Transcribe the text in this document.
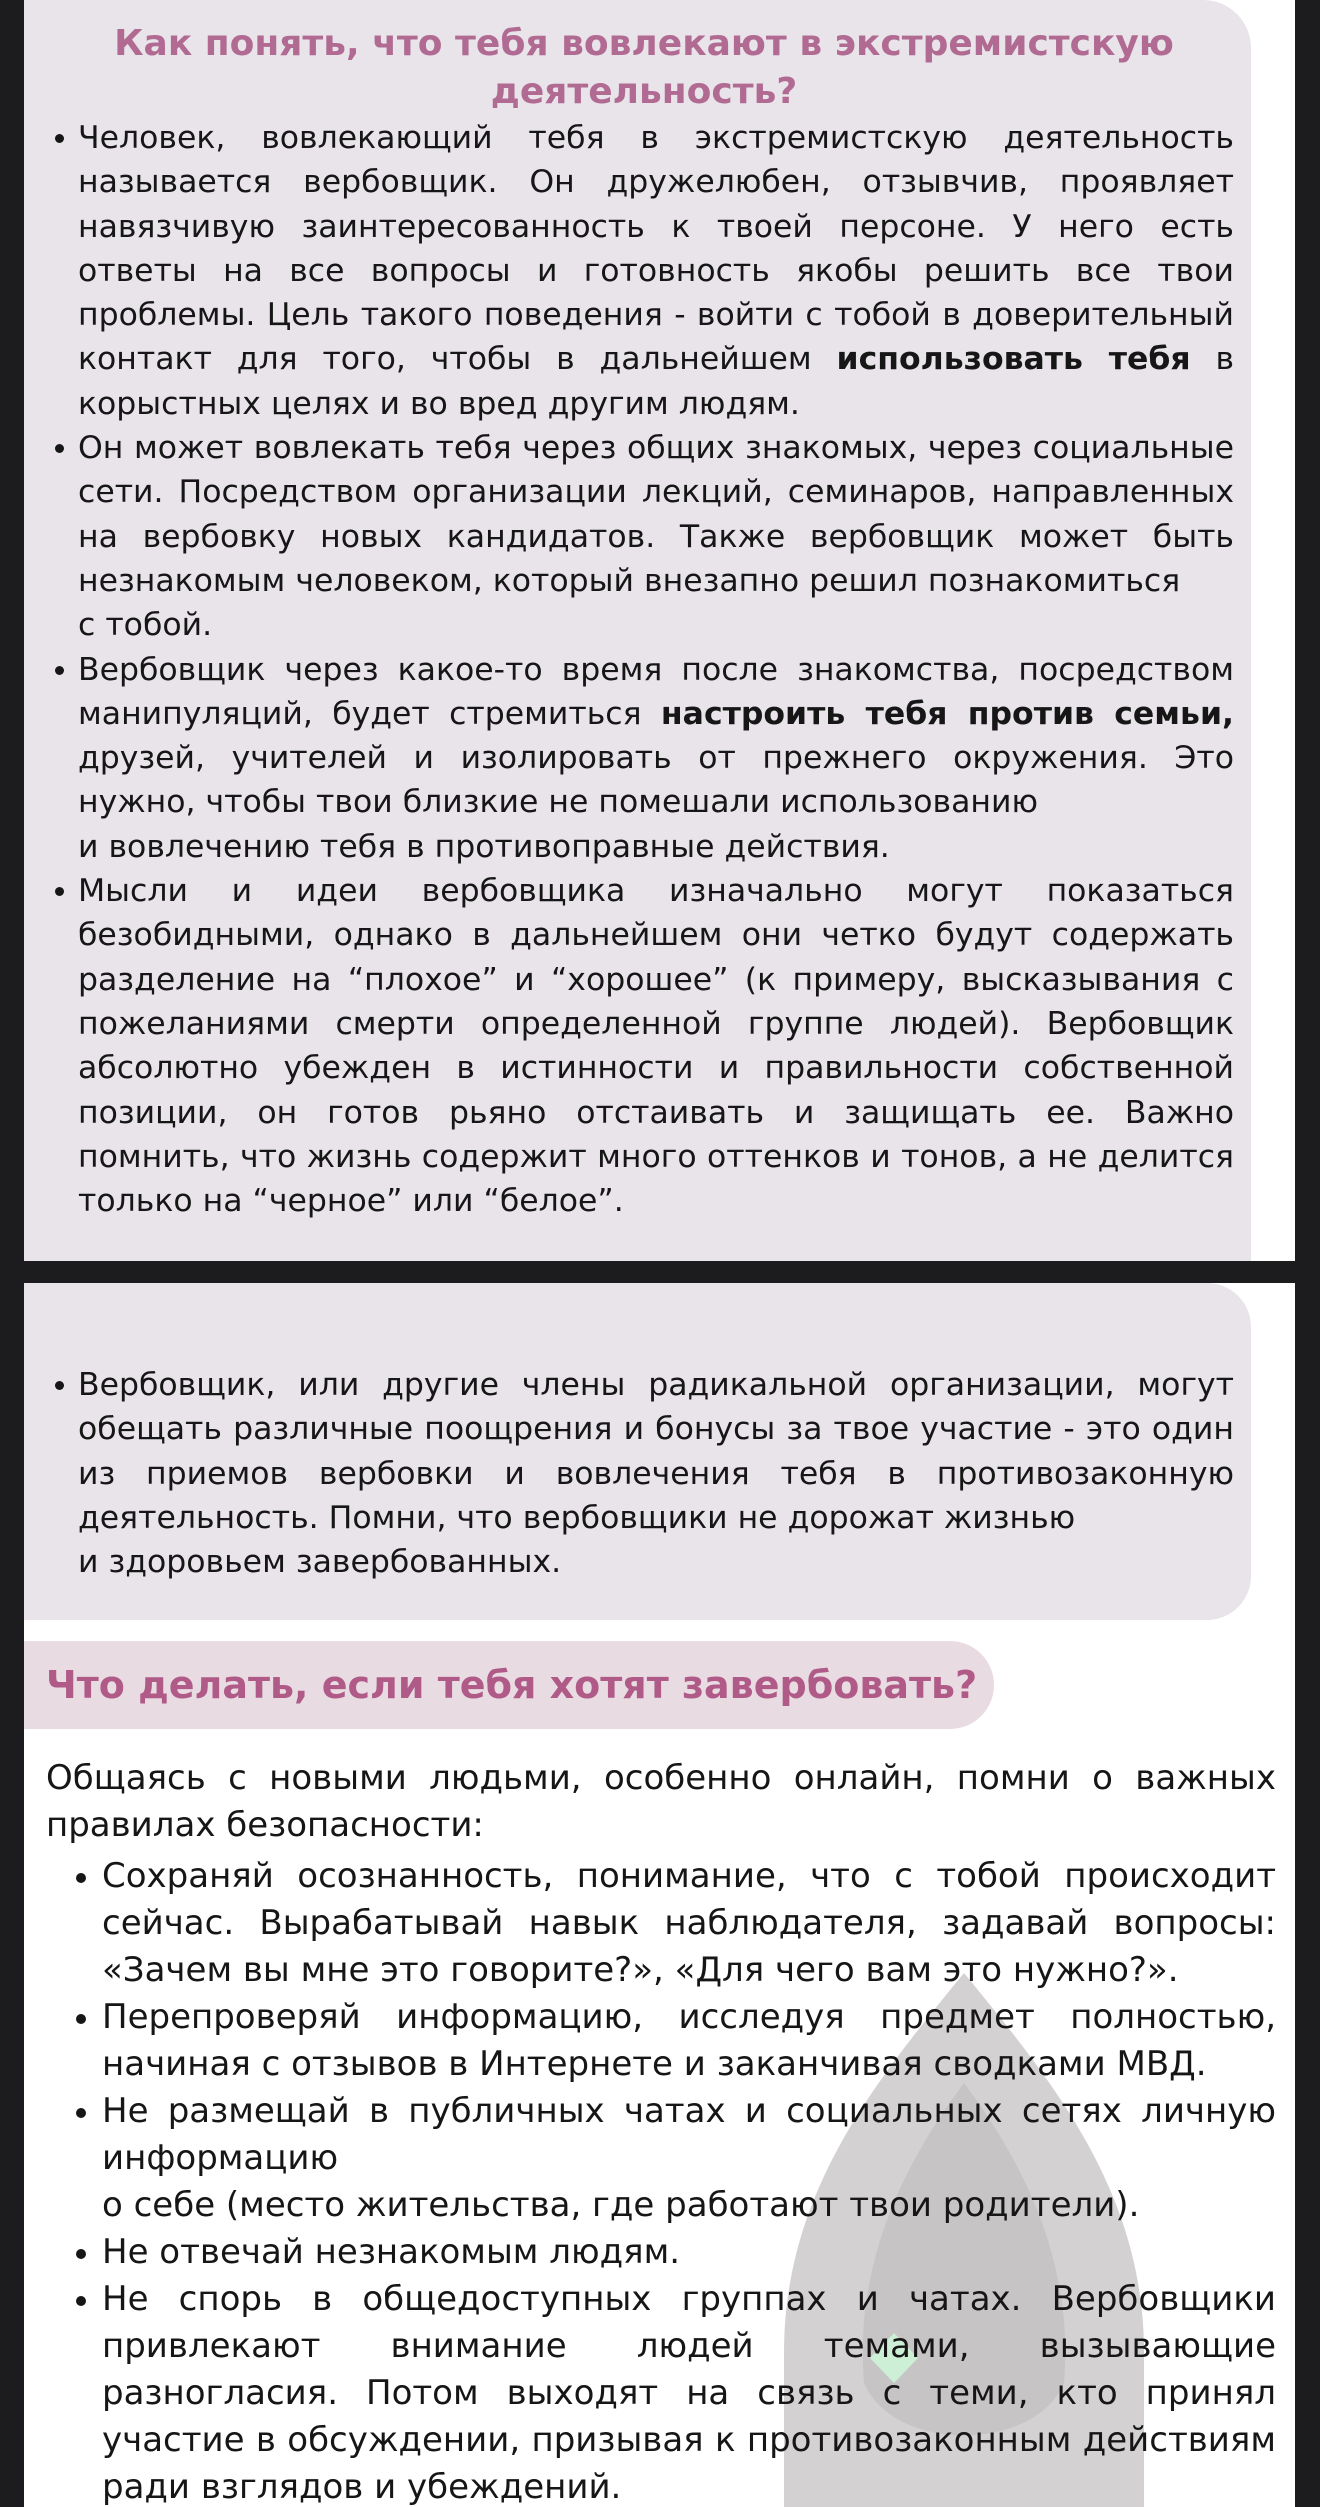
Как понять, что тебя вовлекают в экстремистскую деятельность?
Человек, вовлекающий тебя в экстремистскую деятельность называется вербовщик. Он дружелюбен, отзывчив, проявляет навязчивую заинтересованность к твоей персоне. У него есть ответы на все вопросы и готовность якобы решить все твои проблемы. Цель такого поведения - войти с тобой в доверительный контакт для того, чтобы в дальнейшем использовать тебя в корыстных целях и во вред другим людям.
Он может вовлекать тебя через общих знакомых, через социальные сети. Посредством организации лекций, семинаров, направленных на вербовку новых кандидатов. Также вербовщик может быть незнакомым человеком, который внезапно решил познакомиться
с тобой.
Вербовщик через какое-то время после знакомства, посредством манипуляций, будет стремиться настроить тебя против семьи, друзей, учителей и изолировать от прежнего окружения. Это нужно, чтобы твои близкие не помешали использованию
и вовлечению тебя в противоправные действия.
Мысли и идеи вербовщика изначально могут показаться безобидными, однако в дальнейшем они четко будут содержать разделение на “плохое” и “хорошее” (к примеру, высказывания с пожеланиями смерти определенной группе людей). Вербовщик абсолютно убежден в истинности и правильности собственной позиции, он готов рьяно отстаивать и защищать ее. Важно помнить, что жизнь содержит много оттенков и тонов, а не делится только на “черное” или “белое”.
Вербовщик, или другие члены радикальной организации, могут обещать различные поощрения и бонусы за твое участие - это один из приемов вербовки и вовлечения тебя в противозаконную деятельность. Помни, что вербовщики не дорожат жизнью
и здоровьем завербованных.
Что делать, если тебя хотят завербовать?

Общаясь с новыми людьми, особенно онлайн, помни о важных правилах безопасности:

Сохраняй осознанность, понимание, что с тобой происходит сейчас. Вырабатывай навык наблюдателя, задавай вопросы: «Зачем вы мне это говорите?», «Для чего вам это нужно?».
Перепроверяй информацию, исследуя предмет полностью, начиная с отзывов в Интернете и заканчивая сводками МВД.
Не размещай в публичных чатах и социальных сетях личную информацию
о себе (место жительства, где работают твои родители).
Не отвечай незнакомым людям.
Не спорь в общедоступных группах и чатах. Вербовщики привлекают внимание людей темами, вызывающие разногласия. Потом выходят на связь с теми, кто принял участие в обсуждении, призывая к противозаконным действиям ради взглядов и убеждений.
